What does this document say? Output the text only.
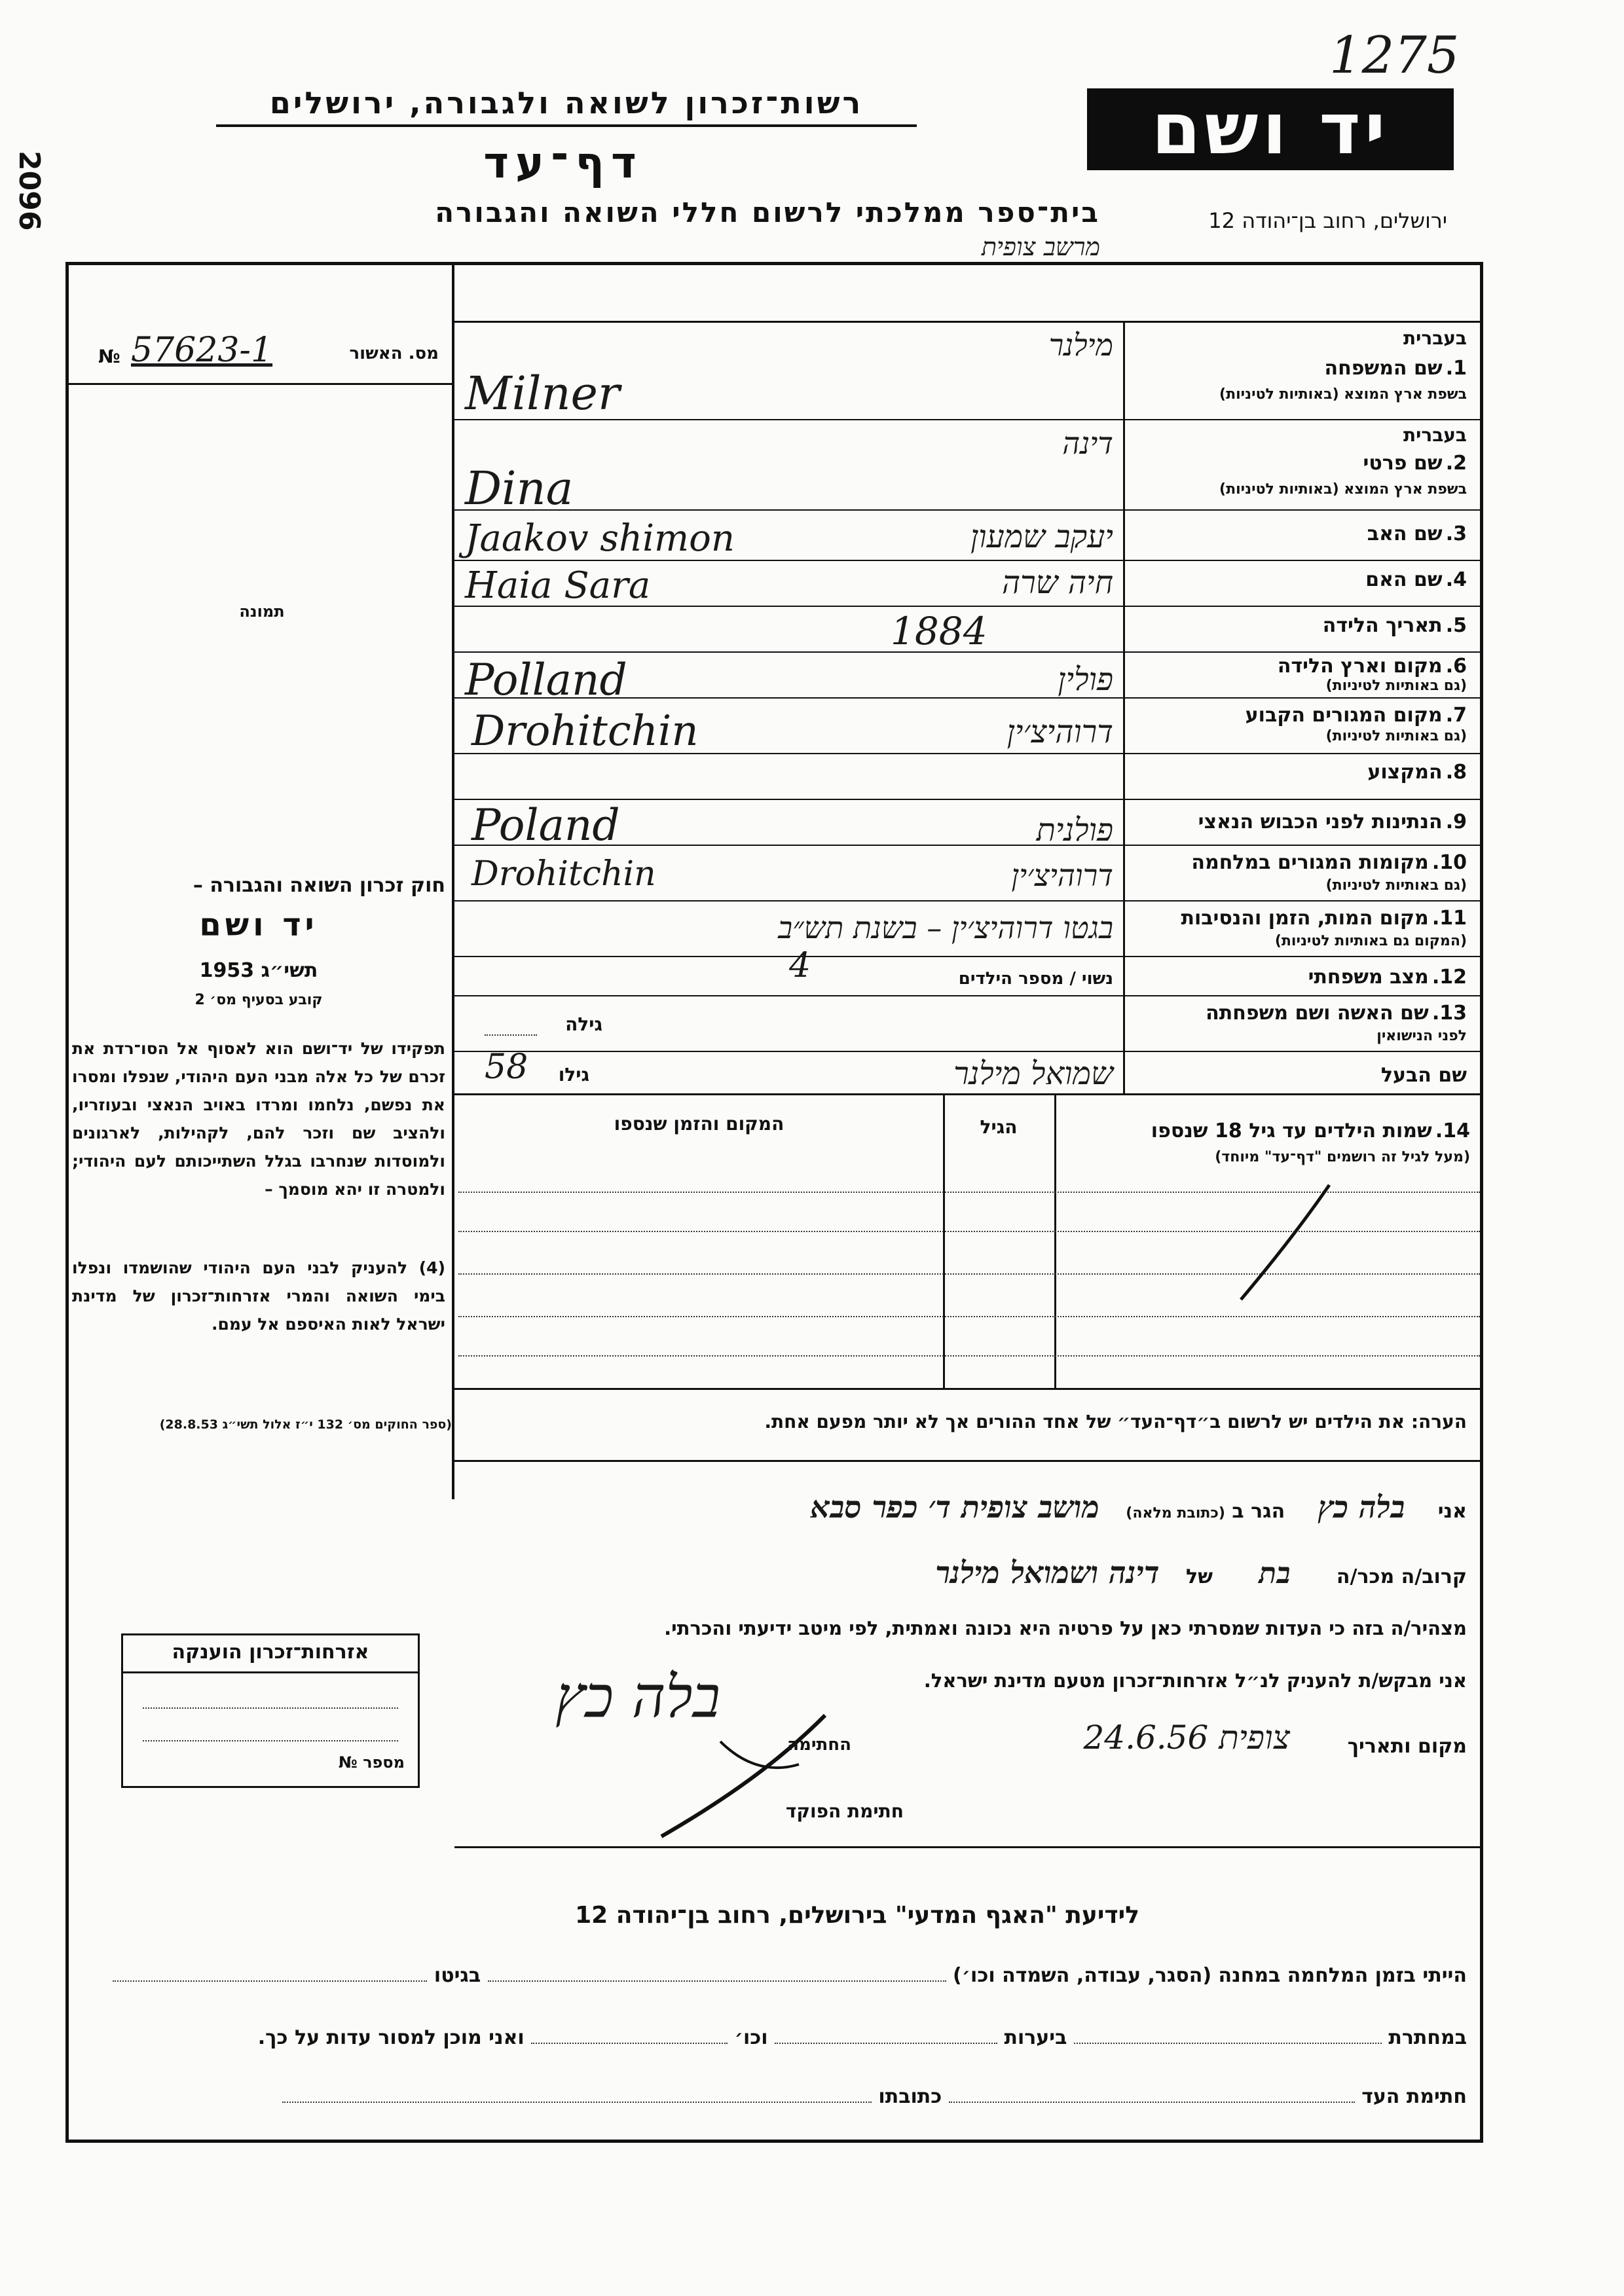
1275
2096
רשות־זכרון לשואה ולגבורה, ירושלים
דף־עד	יד ושם
בית־ספר ממלכתי לרשום חללי השואה והגבורה	ירושלים, רחוב בן־יהודה 12
מרשב צופית
מס. האשור
№ 57623-1
תמונה
חוק זכרון השואה והגבורה –
יד ושם
תשי״ג 1953
קובע בסעיף מס׳ 2
תפקידו של יד־ושם הוא לאסוף אל הסו־רדת את זכרם של כל אלה מבני העם היהודי, שנפלו ומסרו את נפשם, נלחמו ומרדו באויב הנאצי ובעוזריו, ולהציב שם וזכר להם, לקהילות, לארגונים ולמוסדות שנחרבו בגלל השתייכותם לעם היהודי; ולמטרה זו יהא מוסמך –
(4) להעניק לבני העם היהודי שהושמדו ונפלו בימי השואה והמרי אזרחות־זכרון של מדינת ישראל לאות האיספם אל עמם.
(ספר החוקים מס׳ 132 י״ז אלול תשי״ג 28.8.53)
אזרחות־זכרון הוענקה
מספר №
בעברית
1. שם המשפחה
בשפת ארץ המוצא (באותיות לטיניות)
מילנר
Milner
בעברית
2. שם פרטי
בשפת ארץ המוצא (באותיות לטיניות)
דינה
Dina
3. שם האב
Jaakov shimon	יעקב שמעון
4. שם האם
Haia Sara	חיה שרה
5. תאריך הלידה
1884
6. מקום וארץ הלידה
(גם באותיות לטיניות)
Polland	פולין
7. מקום המגורים הקבוע
(גם באותיות לטיניות)
Drohitchin	דרוהיצ׳ין
8. המקצוע
9. הנתינות לפני הכבוש הנאצי
Poland	פולנית
10. מקומות המגורים במלחמה
(גם באותיות לטיניות)
Drohitchin	דרוהיצ׳ין
11. מקום המות, הזמן והנסיבות
(המקום גם באותיות לטיניות)
בגטו דרוהיצ׳ין – בשנת תש״ב
12. מצב משפחתי
נשוי / מספר הילדים
4
13. שם האשה ושם משפחתה
לפני הנישואין
גילה
שם הבעל
שמואל מילנר
גילו
58
14. שמות הילדים עד גיל 18 שנספו
(מעל לגיל זה רושמים "דף־עד" מיוחד)
הגיל
המקום והזמן שנספו
הערה: את הילדים יש לרשום ב״דף־העד״ של אחד ההורים אך לא יותר מפעם אחת.
אני בלה כץ הגר ב (כתובת מלאה) מושב צופית ד׳ כפר סבא
קרוב/ה מכר/ה בת של דינה ושמואל מילנר
מצהיר/ה בזה כי העדות שמסרתי כאן על פרטיה היא נכונה ואמתית, לפי מיטב ידיעתי והכרתי.
אני מבקש/ת להעניק לנ״ל אזרחות־זכרון מטעם מדינת ישראל.
מקום ותאריך
צופית 24.6.56
החתימה
בלה כץ
חתימת הפוקד
לידיעת "האגף המדעי" בירושלים, רחוב בן־יהודה 12
הייתי בזמן המלחמה במחנה (הסגר, עבודה, השמדה וכו׳)  בגיטו
במחתרת  ביערות  וכו׳  ואני מוכן למסור עדות על כך.
חתימת העד  כתובתו
